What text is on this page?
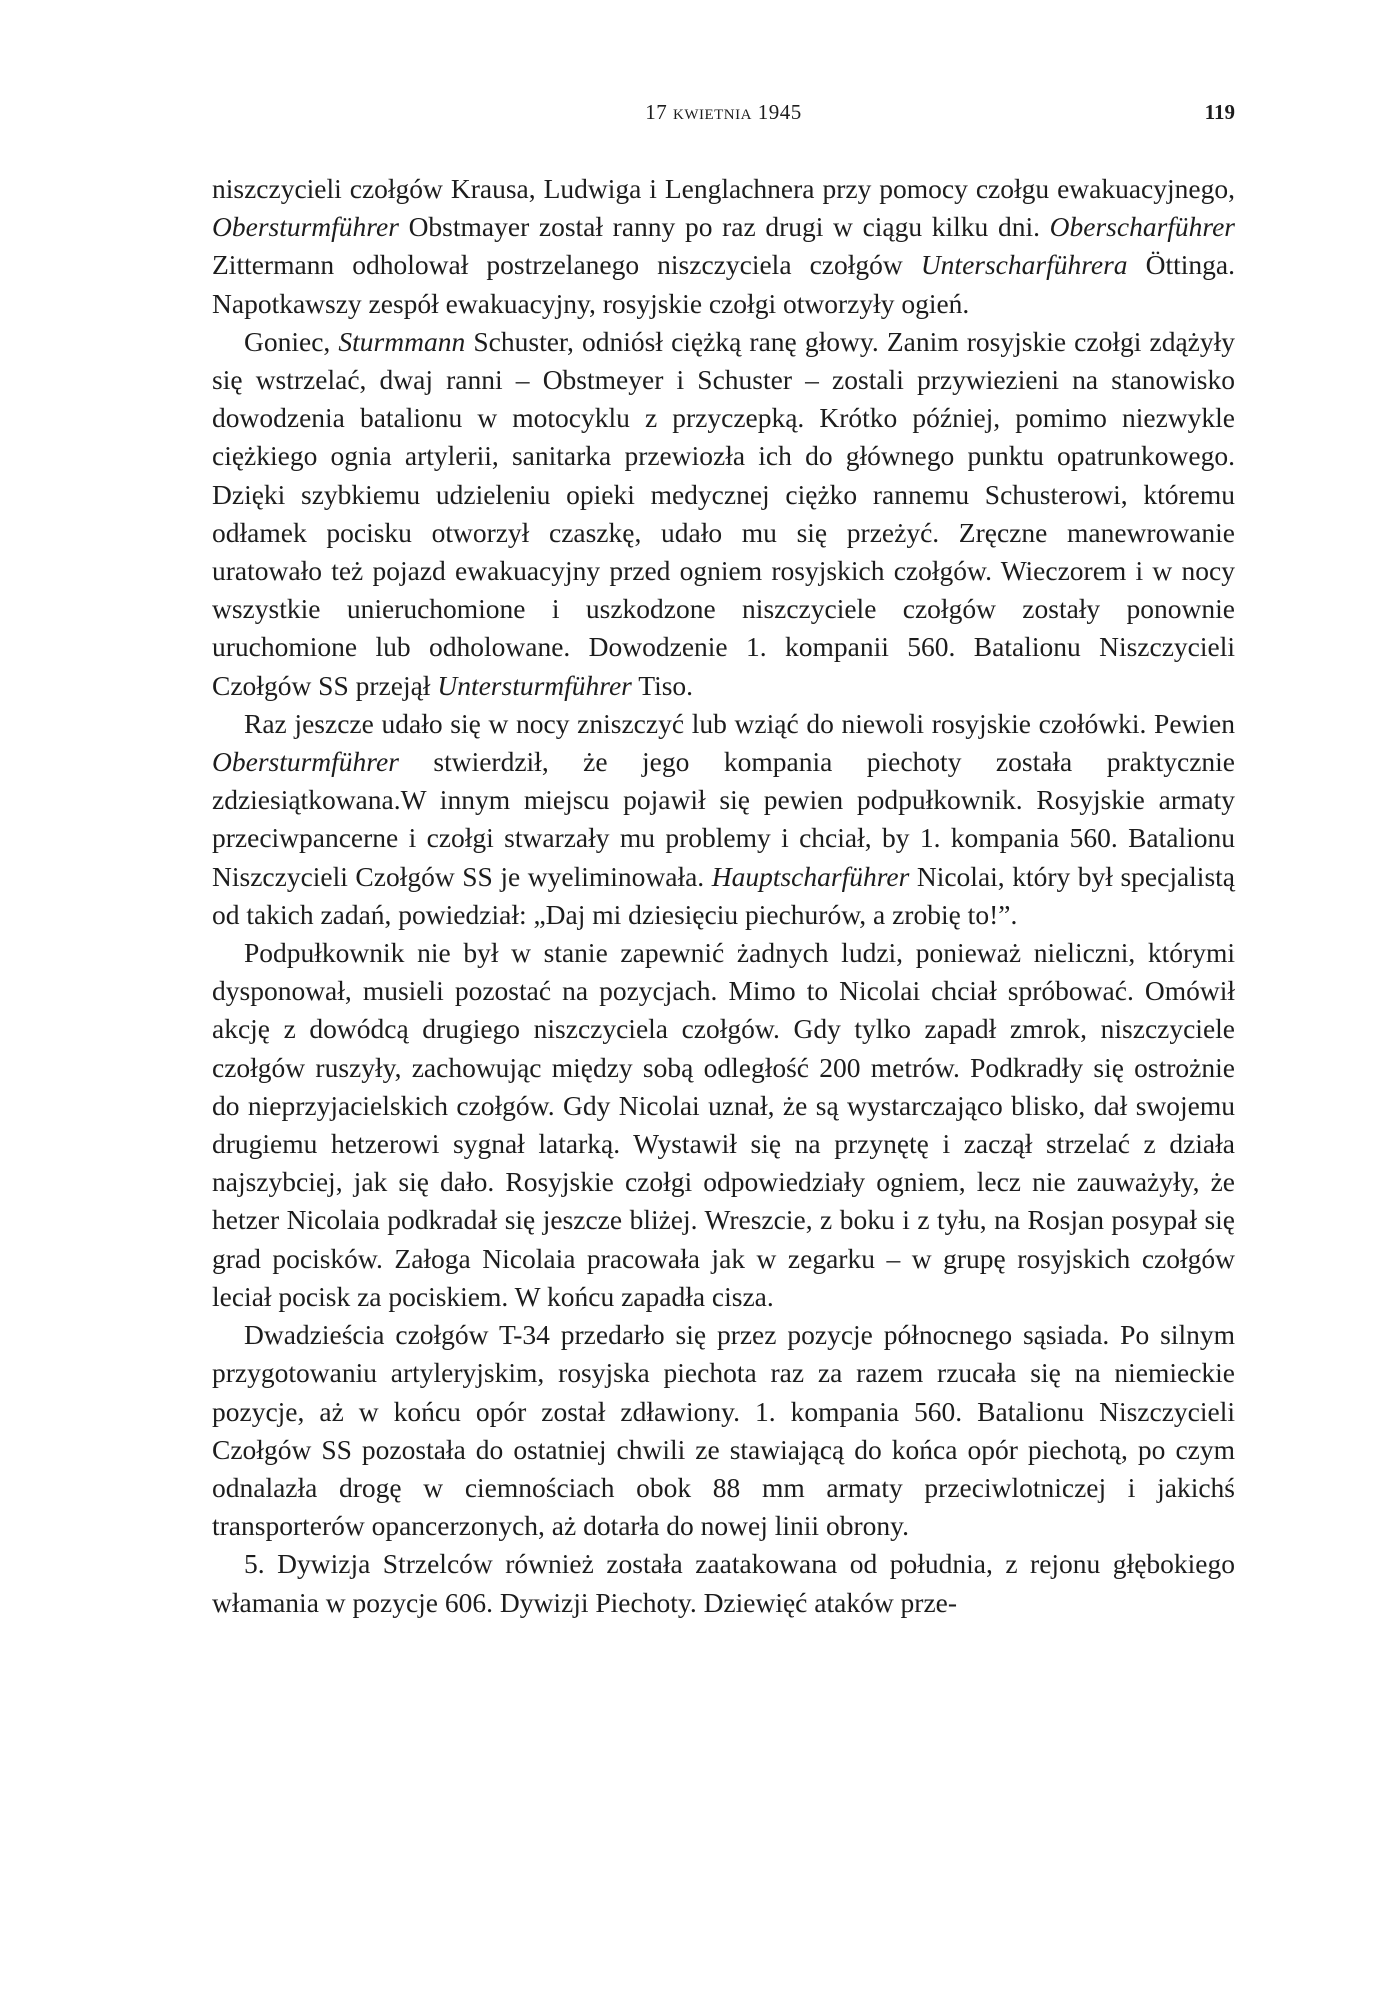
17 kwietnia 1945	119

niszczycieli czołgów Krausa, Ludwiga i Lenglachnera przy pomocy czołgu ewakuacyjnego, Obersturmführer Obstmayer został ranny po raz drugi w ciągu kilku dni. Oberscharführer Zittermann odholował postrzelanego niszczyciela czołgów Unterscharführera Öttinga. Napotkawszy zespół ewakuacyjny, rosyjskie czołgi otworzyły ogień.

Goniec, Sturmmann Schuster, odniósł ciężką ranę głowy. Zanim rosyjskie czołgi zdążyły się wstrzelać, dwaj ranni – Obstmeyer i Schuster – zostali przywiezieni na stanowisko dowodzenia batalionu w motocyklu z przyczepką. Krótko później, pomimo niezwykle ciężkiego ognia artylerii, sanitarka przewiozła ich do głównego punktu opatrunkowego. Dzięki szybkiemu udzieleniu opieki medycznej ciężko rannemu Schusterowi, któremu odłamek pocisku otworzył czaszkę, udało mu się przeżyć. Zręczne manewrowanie uratowało też pojazd ewakuacyjny przed ogniem rosyjskich czołgów. Wieczorem i w nocy wszystkie unieruchomione i uszkodzone niszczyciele czołgów zostały ponownie uruchomione lub odholowane. Dowodzenie 1. kompanii 560. Batalionu Niszczycieli Czołgów SS przejął Untersturmführer Tiso.

Raz jeszcze udało się w nocy zniszczyć lub wziąć do niewoli rosyjskie czołówki. Pewien Obersturmführer stwierdził, że jego kompania piechoty została praktycznie zdziesiątkowana.W innym miejscu pojawił się pewien podpułkownik. Rosyjskie armaty przeciwpancerne i czołgi stwarzały mu problemy i chciał, by 1. kompania 560. Batalionu Niszczycieli Czołgów SS je wyeliminowała. Hauptscharführer Nicolai, który był specjalistą od takich zadań, powiedział: „Daj mi dziesięciu piechurów, a zrobię to!”.

Podpułkownik nie był w stanie zapewnić żadnych ludzi, ponieważ nieliczni, którymi dysponował, musieli pozostać na pozycjach. Mimo to Nicolai chciał spróbować. Omówił akcję z dowódcą drugiego niszczyciela czołgów. Gdy tylko zapadł zmrok, niszczyciele czołgów ruszyły, zachowując między sobą odległość 200 metrów. Podkradły się ostrożnie do nieprzyjacielskich czołgów. Gdy Nicolai uznał, że są wystarczająco blisko, dał swojemu drugiemu hetzerowi sygnał latarką. Wystawił się na przynętę i zaczął strzelać z działa najszybciej, jak się dało. Rosyjskie czołgi odpowiedziały ogniem, lecz nie zauważyły, że hetzer Nicolaia podkradał się jeszcze bliżej. Wreszcie, z boku i z tyłu, na Rosjan posypał się grad pocisków. Załoga Nicolaia pracowała jak w zegarku – w grupę rosyjskich czołgów leciał pocisk za pociskiem. W końcu zapadła cisza.

Dwadzieścia czołgów T-34 przedarło się przez pozycje północnego sąsiada. Po silnym przygotowaniu artyleryjskim, rosyjska piechota raz za razem rzucała się na niemieckie pozycje, aż w końcu opór został zdławiony. 1. kompania 560. Batalionu Niszczycieli Czołgów SS pozostała do ostatniej chwili ze stawiającą do końca opór piechotą, po czym odnalazła drogę w ciemnościach obok 88 mm armaty przeciwlotniczej i jakichś transporterów opancerzonych, aż dotarła do nowej linii obrony.

5. Dywizja Strzelców również została zaatakowana od południa, z rejonu głębokiego włamania w pozycje 606. Dywizji Piechoty. Dziewięć ataków prze-
